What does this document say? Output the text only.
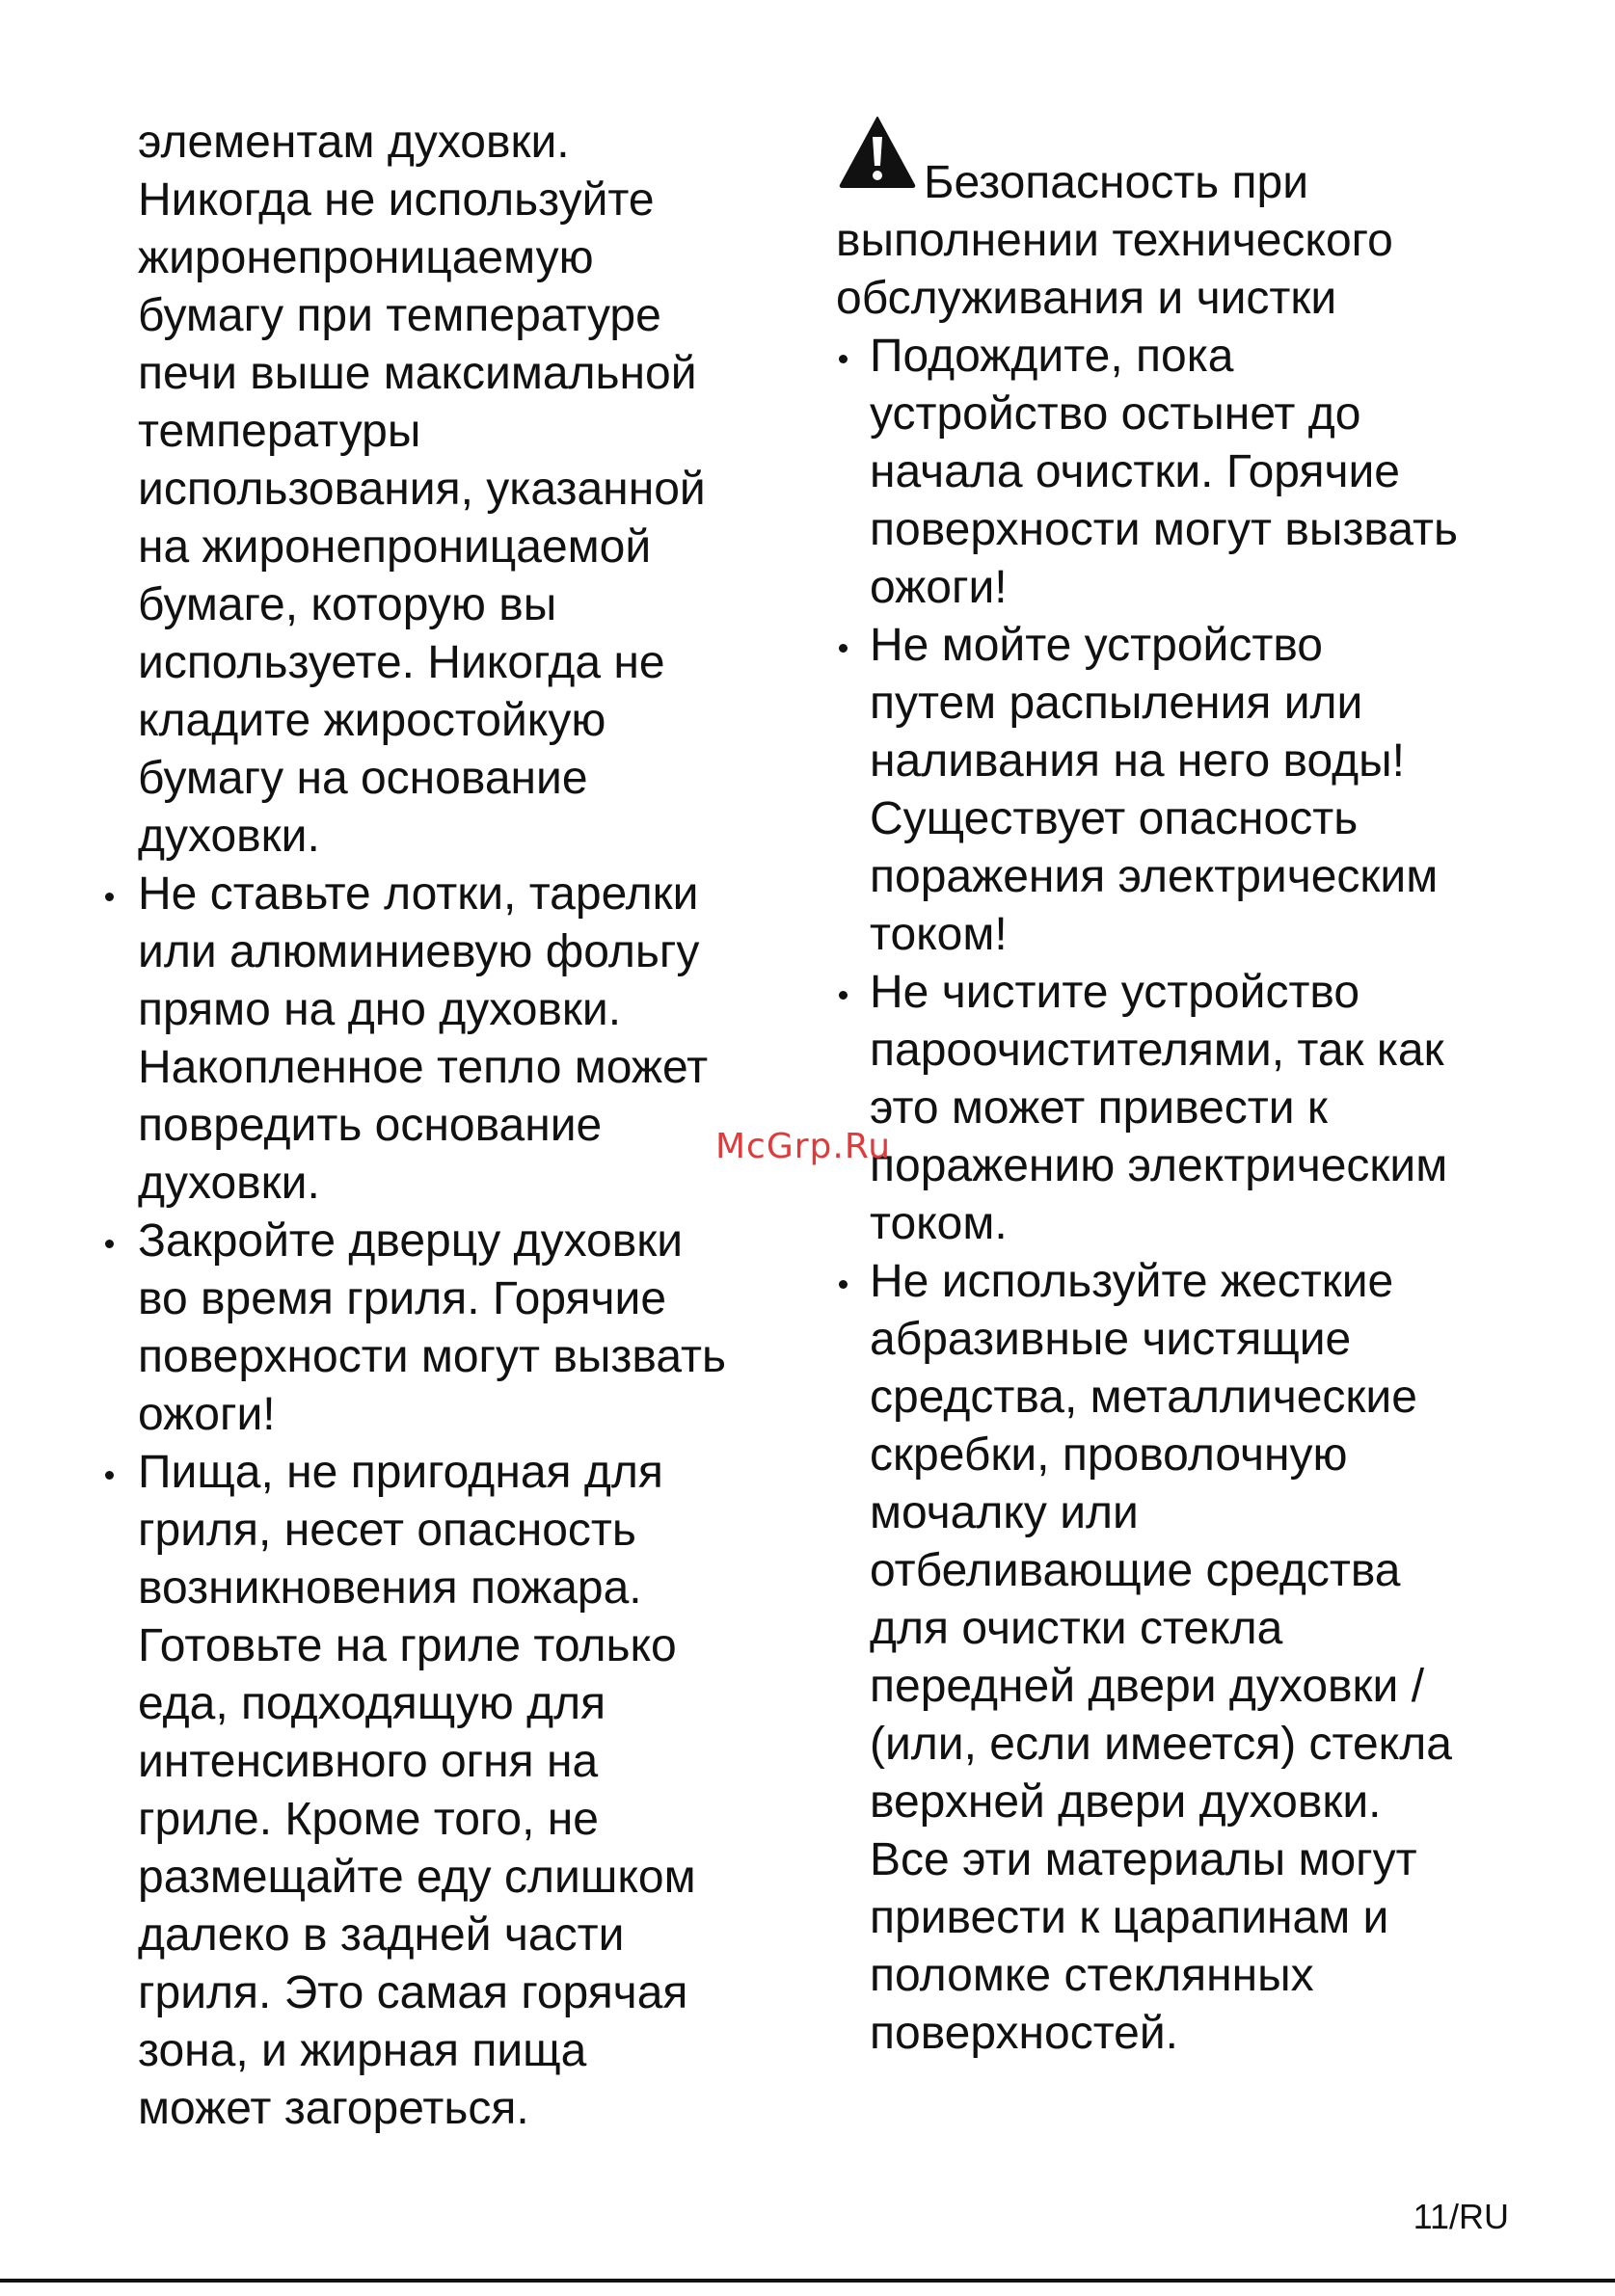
элементам духовки.
Никогда не используйте
жиронепроницаемую
бумагу при температуре
печи выше максимальной
температуры
использования, указанной
на жиронепроницаемой
бумаге, которую вы
используете. Никогда не
кладите жиростойкую
бумагу на основание
духовки.
Не ставьте лотки, тарелки
или алюминиевую фольгу
прямо на дно духовки.
Накопленное тепло может
повредить основание
духовки.
Закройте дверцу духовки
во время гриля. Горячие
поверхности могут вызвать
ожоги!
Пища, не пригодная для
гриля, несет опасность
возникновения пожара.
Готовьте на гриле только
еда, подходящую для
интенсивного огня на
гриле. Кроме того, не
размещайте еду слишком
далеко в задней части
гриля. Это самая горячая
зона, и жирная пища
может загореться.
Безопасность при
выполнении технического
обслуживания и чистки
Подождите, пока
устройство остынет до
начала очистки. Горячие
поверхности могут вызвать
ожоги!
Не мойте устройство
путем распыления или
наливания на него воды!
Существует опасность
поражения электрическим
током!
Не чистите устройство
пароочистителями, так как
это может привести к
поражению электрическим
током.
Не используйте жесткие
абразивные чистящие
средства, металлические
скребки, проволочную
мочалку или
отбеливающие средства
для очистки стекла
передней двери духовки /
(или, если имеется) стекла
верхней двери духовки.
Все эти материалы могут
привести к царапинам и
поломке стеклянных
поверхностей.
McGrp.Ru
11/RU
